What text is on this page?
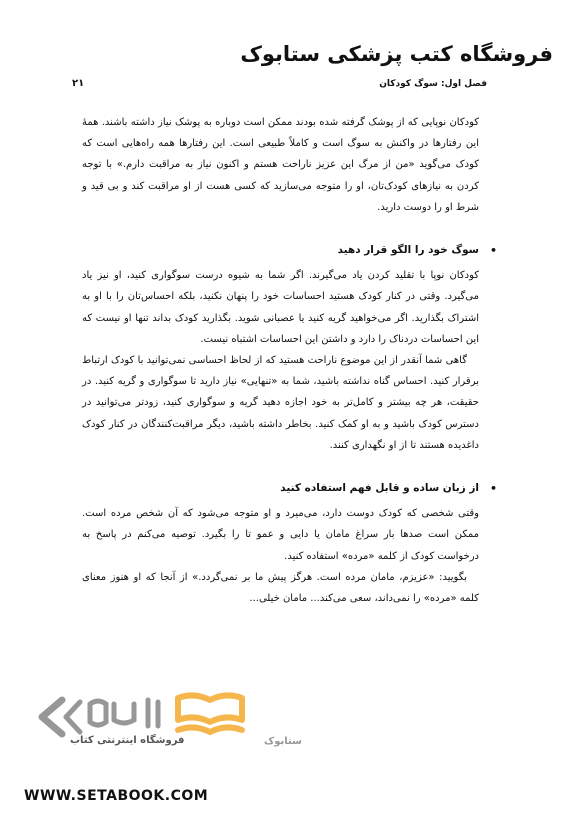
فروشگاه کتب پزشکی ستابوک
فصل اول: سوگ کودکان
۲۱

کودکان نوپایی که از پوشک گرفته شده بودند ممکن است دوباره به پوشک نیاز داشته باشند. همهٔ این رفتارها در واکنش به سوگ است و کاملاً طبیعی است. این رفتارها همه راه‌هایی است که کودک می‌گوید «من از مرگ این عزیز ناراحت هستم و اکنون نیاز به مراقبت دارم.» با توجه کردن به نیازهای کودک‌تان، او را متوجه می‌سازید که کسی هست از او مراقبت کند و بی قید و شرط او را دوست دارید.

•
سوگ خود را الگو قرار دهید

کودکان نوپا با تقلید کردن یاد می‌گیرند. اگر شما به شیوه درست سوگواری کنید، او نیز یاد می‌گیرد. وقتی در کنار کودک هستید احساسات خود را پنهان نکنید، بلکه احساس‌تان را با او به اشتراک بگذارید. اگر می‌خواهید گریه کنید یا عصبانی شوید. بگذارید کودک بداند تنها او نیست که این احساسات دردناک را دارد و داشتن این احساسات اشتباه نیست.

گاهی شما آنقدر از این موضوع ناراحت هستید که از لحاظ احساسی نمی‌توانید با کودک ارتباط برقرار کنید. احساس گناه نداشته باشید، شما به «تنهایی» نیاز دارید تا سوگواری و گریه کنید. در حقیقت، هر چه بیشتر و کامل‌تر به خود اجازه دهید گریه و سوگواری کنید، زودتر می‌توانید در دسترس کودک باشید و به او کمک کنید. بخاطر داشته باشید، دیگر مراقبت‌کنندگان در کنار کودک داغدیده هستند تا از او نگهداری کنند.

•
از زبان ساده و قابل فهم استفاده کنید

وقتی شخصی که کودک دوست دارد، می‌میرد و او متوجه می‌شود که آن شخص مرده است. ممکن است صدها بار سراغ مامان یا دایی و عمو تا را بگیرد. توصیه می‌کنم در پاسخ به درخواست کودک از کلمه «مرده» استفاده کنید.

بگویید: «عزیزم، مامان مرده است. هرگز پیش ما بر نمی‌گردد.» از آنجا که او هنوز معنای کلمه «مرده» را نمی‌داند، سعی می‌کند... مامان خیلی...

ستابوک
فروشگاه اینترنتی کتاب
WWW.SETABOOK.COM
